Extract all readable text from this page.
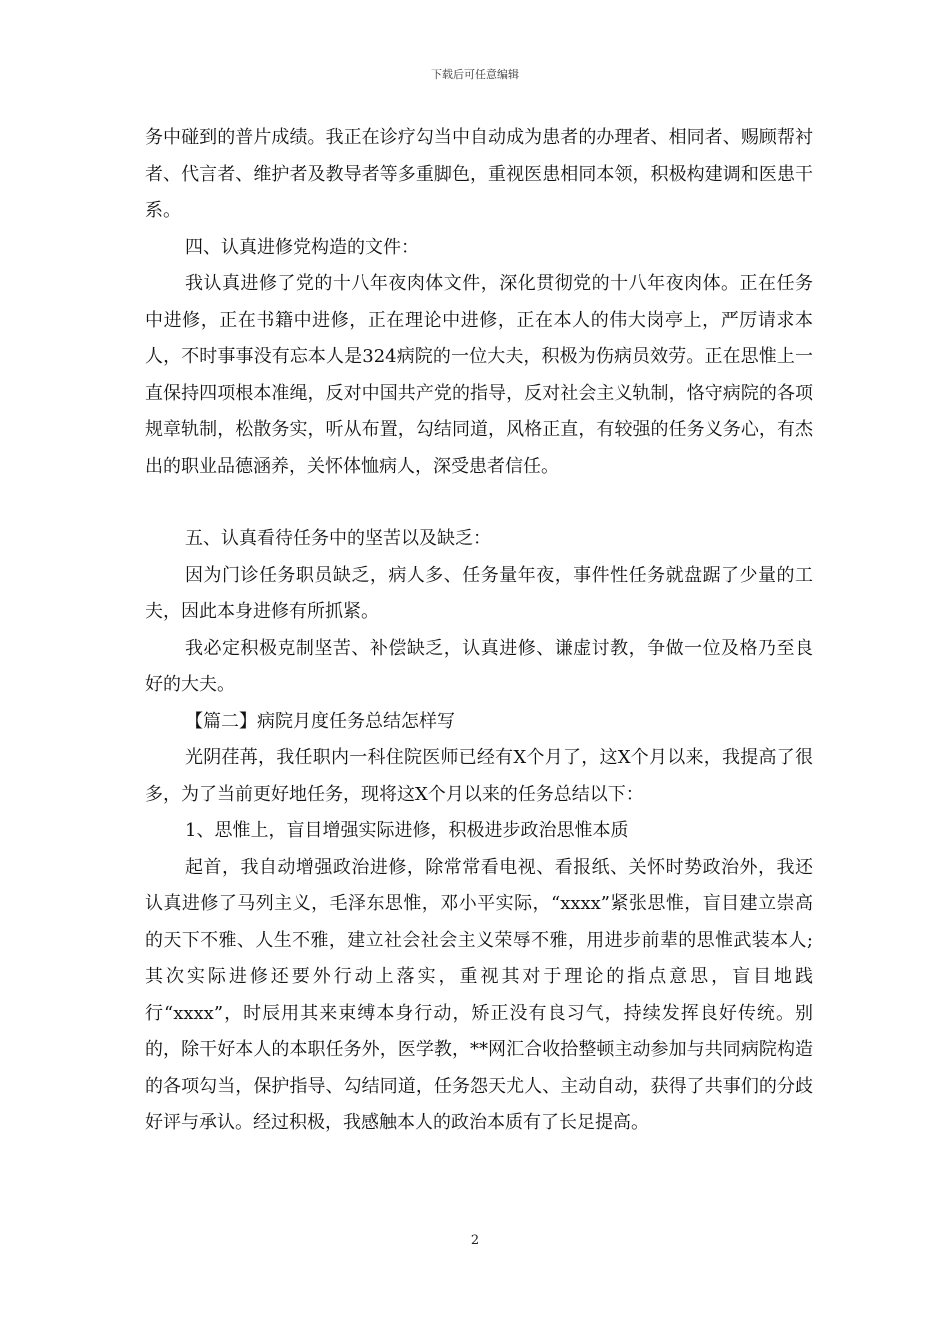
下载后可任意编辑

务中碰到的普片成绩。我正在诊疗勾当中自动成为患者的办理者、相同者、赐顾帮衬者、代言者、维护者及教导者等多重脚色，重视医患相同本领，积极构建调和医患干系。

四、认真进修党构造的文件：

我认真进修了党的十八年夜肉体文件，深化贯彻党的十八年夜肉体。正在任务中进修，正在书籍中进修，正在理论中进修，正在本人的伟大岗亭上，严厉请求本人，不时事事没有忘本人是324病院的一位大夫，积极为伤病员效劳。正在思惟上一直保持四项根本准绳，反对中国共产党的指导，反对社会主义轨制，恪守病院的各项规章轨制，松散务实，听从布置，勾结同道，风格正直，有较强的任务义务心，有杰出的职业品德涵养，关怀体恤病人，深受患者信任。

五、认真看待任务中的坚苦以及缺乏：

因为门诊任务职员缺乏，病人多、任务量年夜，事件性任务就盘踞了少量的工夫，因此本身进修有所抓紧。

我必定积极克制坚苦、补偿缺乏，认真进修、谦虚讨教，争做一位及格乃至良好的大夫。

【篇二】病院月度任务总结怎样写

光阴荏苒，我任职内一科住院医师已经有X个月了，这X个月以来，我提高了很多，为了当前更好地任务，现将这X个月以来的任务总结以下：

1、思惟上，盲目增强实际进修，积极进步政治思惟本质

起首，我自动增强政治进修，除常常看电视、看报纸、关怀时势政治外，我还认真进修了马列主义，毛泽东思惟，邓小平实际，“xxxx”紧张思惟，盲目建立崇高的天下不雅、人生不雅，建立社会社会主义荣辱不雅，用进步前辈的思惟武装本人;其次实际进修还要外行动上落实，重视其对于理论的指点意思，盲目地践行“xxxx”，时辰用其来束缚本身行动，矫正没有良习气，持续发挥良好传统。别的，除干好本人的本职任务外，医学教，**网汇合收拾整顿主动参加与共同病院构造的各项勾当，保护指导、勾结同道，任务怨天尤人、主动自动，获得了共事们的分歧好评与承认。经过积极，我感触本人的政治本质有了长足提高。

2
